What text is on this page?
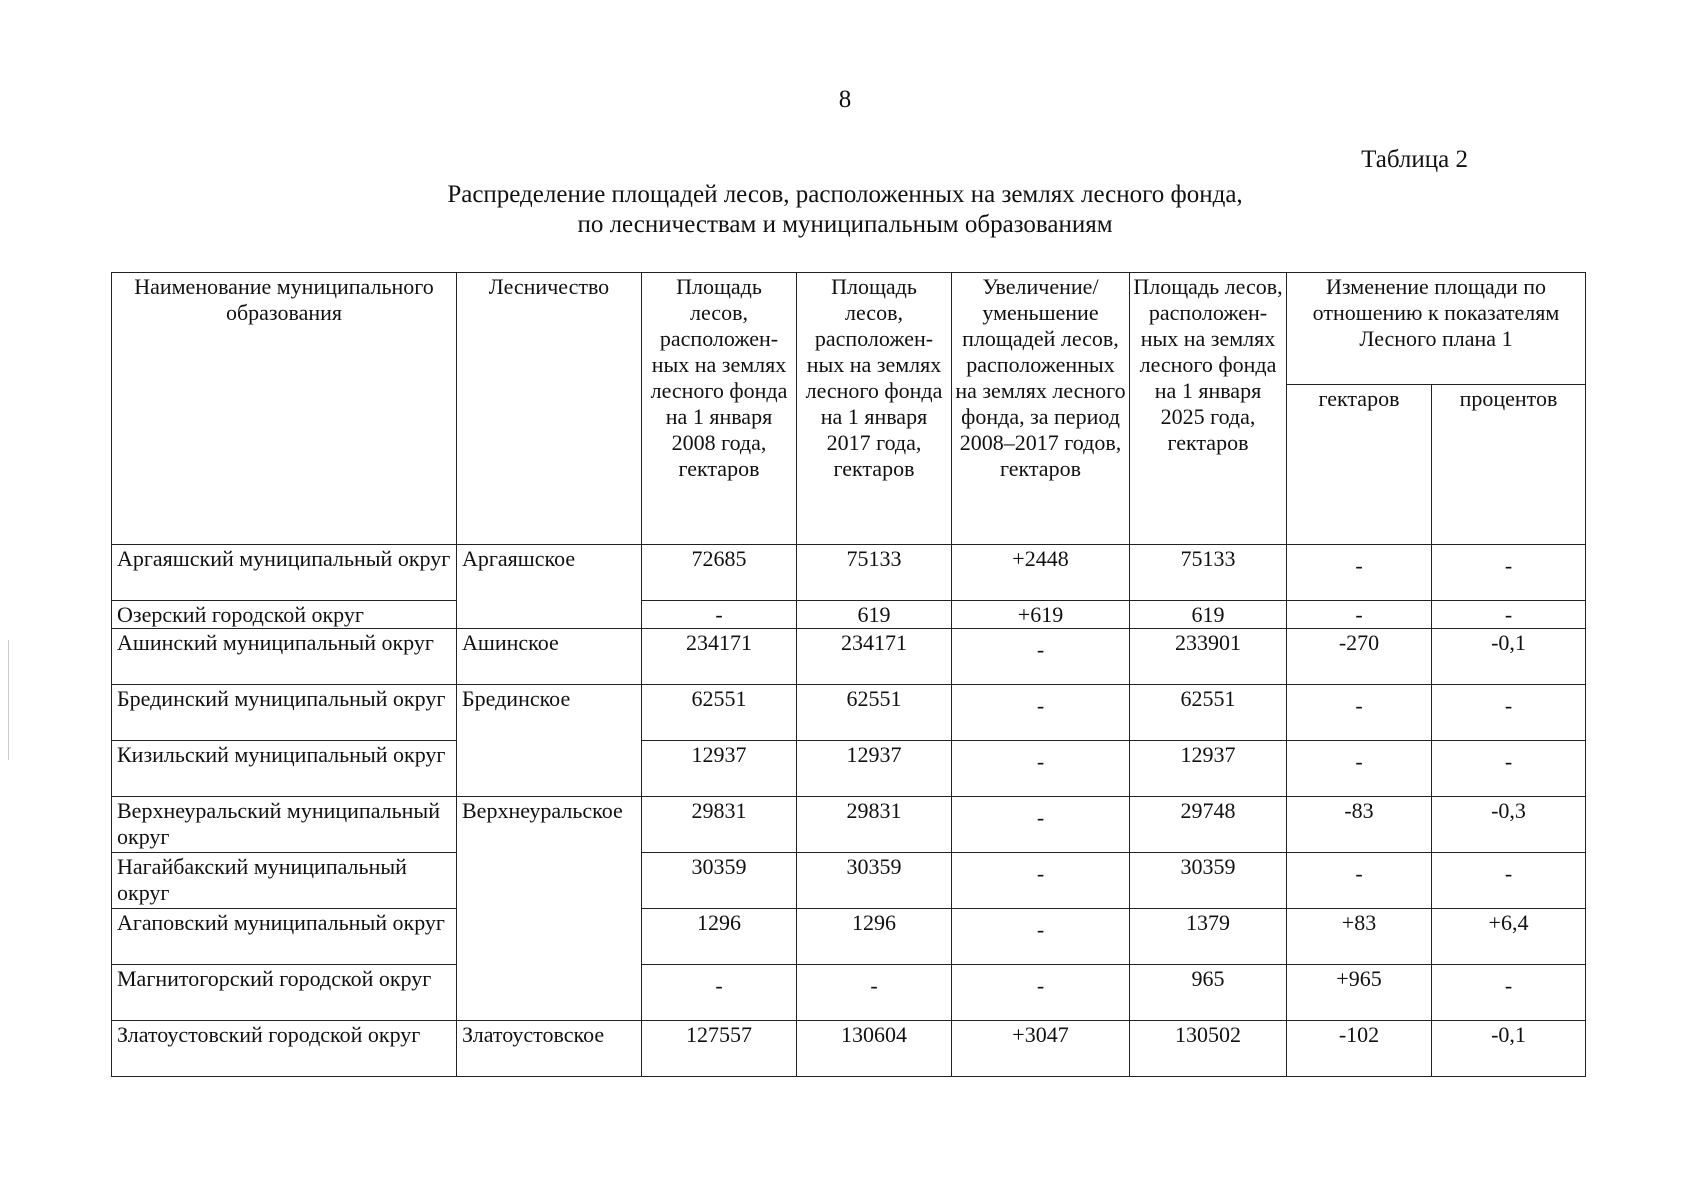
8
Таблица 2
Распределение площадей лесов, расположенных на землях лесного фонда,
по лесничествам и муниципальным образованиям
Наименование муниципального образования	Лесничество	Площадь лесов, расположен-ных на землях лесного фонда на 1 января 2008 года, гектаров	Площадь лесов, расположен-ных на землях лесного фонда на 1 января 2017 года, гектаров	Увеличение/ уменьшение площадей лесов, расположенных на землях лесного фонда, за период 2008–2017 годов, гектаров	Площадь лесов, расположен-ных на землях лесного фонда на 1 января 2025 года, гектаров	Изменение площади по отношению к показателям Лесного плана 1	
						гектаров	процентов
Аргаяшский муниципальный округ	Аргаяшское	72685	75133	+2448	75133	-	-
Озерский городской округ		-	619	+619	619	-	-
Ашинский муниципальный округ	Ашинское	234171	234171	-	233901	-270	-0,1
Брединский муниципальный округ	Брединское	62551	62551	-	62551	-	-
Кизильский муниципальный округ		12937	12937	-	12937	-	-
Верхнеуральский муниципальный округ	Верхнеуральское	29831	29831	-	29748	-83	-0,3
Нагайбакский муниципальный округ		30359	30359	-	30359	-	-
Агаповский муниципальный округ		1296	1296	-	1379	+83	+6,4
Магнитогорский городской округ		-	-	-	965	+965	-
Златоустовский городской округ	Златоустовское	127557	130604	+3047	130502	-102	-0,1
